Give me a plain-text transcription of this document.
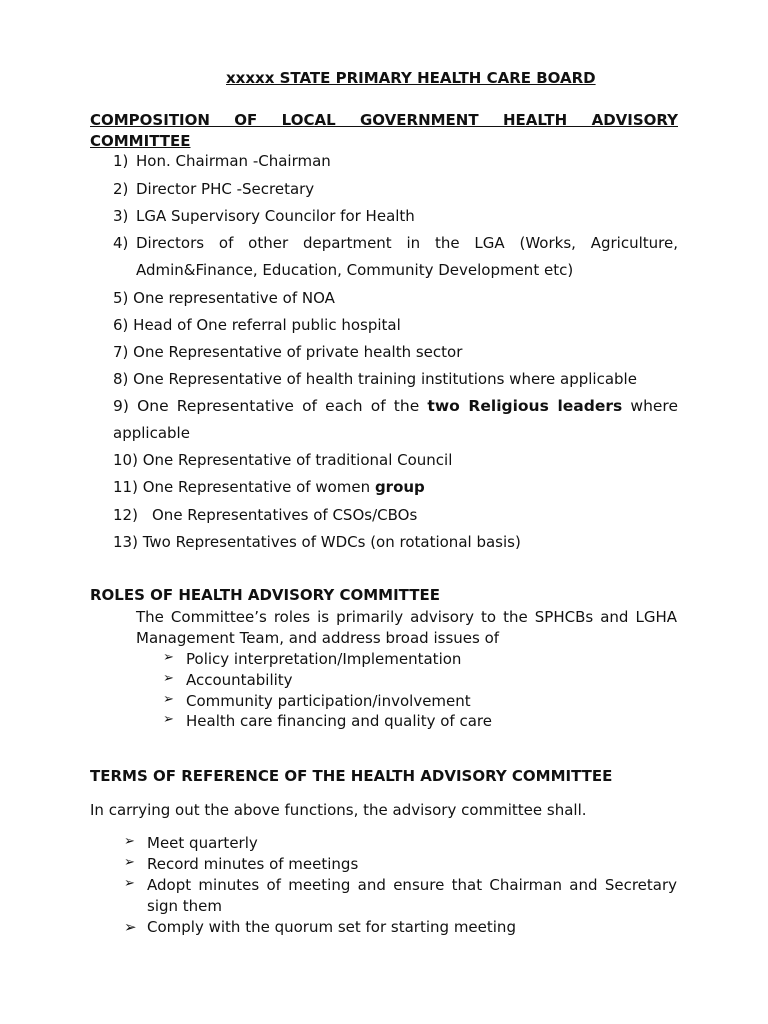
xxxxx STATE PRIMARY HEALTH CARE BOARD
COMPOSITION OF LOCAL GOVERNMENT HEALTH ADVISORY
COMMITTEE
1) Hon. Chairman -Chairman
2) Director PHC -Secretary
3) LGA Supervisory Councilor for Health
4) Directors of other department in the LGA (Works, Agriculture,
Admin&Finance, Education, Community Development etc)
5) One representative of NOA
6) Head of One referral public hospital
7) One Representative of private health sector
8) One Representative of health training institutions where applicable
9) One Representative of each of the two Religious leaders where
applicable
10) One Representative of traditional Council
11) One Representative of women group
12) One Representatives of CSOs/CBOs
13) Two Representatives of WDCs (on rotational basis)
ROLES OF HEALTH ADVISORY COMMITTEE
The Committee’s roles is primarily advisory to the SPHCBs and LGHA
Management Team, and address broad issues of
➢ Policy interpretation/Implementation
➢ Accountability
➢ Community participation/involvement
➢ Health care financing and quality of care
TERMS OF REFERENCE OF THE HEALTH ADVISORY COMMITTEE
In carrying out the above functions, the advisory committee shall.
➢ Meet quarterly
➢ Record minutes of meetings
➢ Adopt minutes of meeting and ensure that Chairman and Secretary
sign them
➢ Comply with the quorum set for starting meeting
